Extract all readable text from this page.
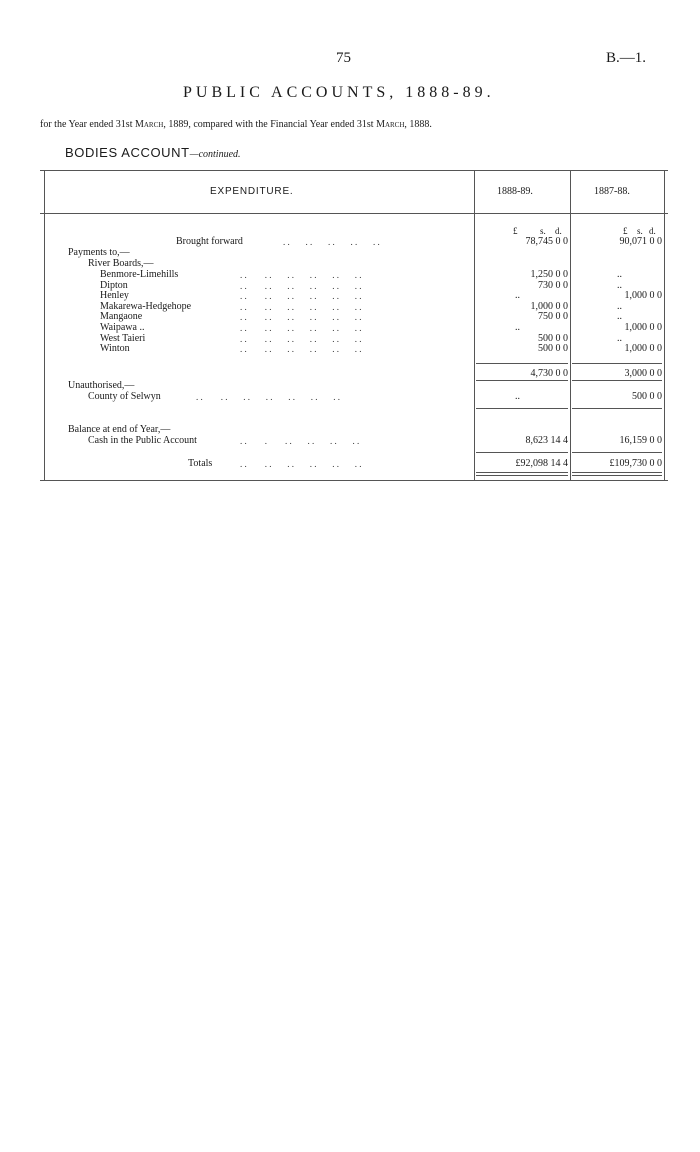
75	B.—1.
PUBLIC ACCOUNTS, 1888-89.
for the Year ended 31st March, 1889, compared with the Financial Year ended 31st March, 1888.
BODIES ACCOUNT—continued.
EXPENDITURE.	1888-89.	1887-88.
£	s. d.	£ s. d.
Brought forward	. .       . .       . .       . .       . .	78,745 0 0	90,071 0 0
Payments to,—
River Boards,—
Benmore-Limehills	. .        . .       . .       . .       . .       . .	1,250 0 0	..
Dipton	. .        . .       . .       . .       . .       . .	730 0 0	..
Henley	. .        . .       . .       . .       . .       . .	..	1,000 0 0
Makarewa-Hedgehope	. .        . .       . .       . .       . .       . .	1,000 0 0	..
Mangaone	. .        . .       . .       . .       . .       . .	750 0 0	..
Waipawa ..	. .        . .       . .       . .       . .       . .	..	1,000 0 0
West Taieri	. .        . .       . .       . .       . .       . .	500 0 0	..
Winton	. .        . .       . .       . .       . .       . .	500 0 0	1,000 0 0
4,730 0 0	3,000 0 0
Unauthorised,—
County of Selwyn	. .        . .       . .       . .       . .       . .       . .	..	500 0 0
Balance at end of Year,—
Cash in the Public Account	. .        .        . .       . .       . .       . .	8,623 14 4	16,159 0 0
Totals	. .        . .       . .       . .       . .       . .	£92,098 14 4	£109,730 0 0
